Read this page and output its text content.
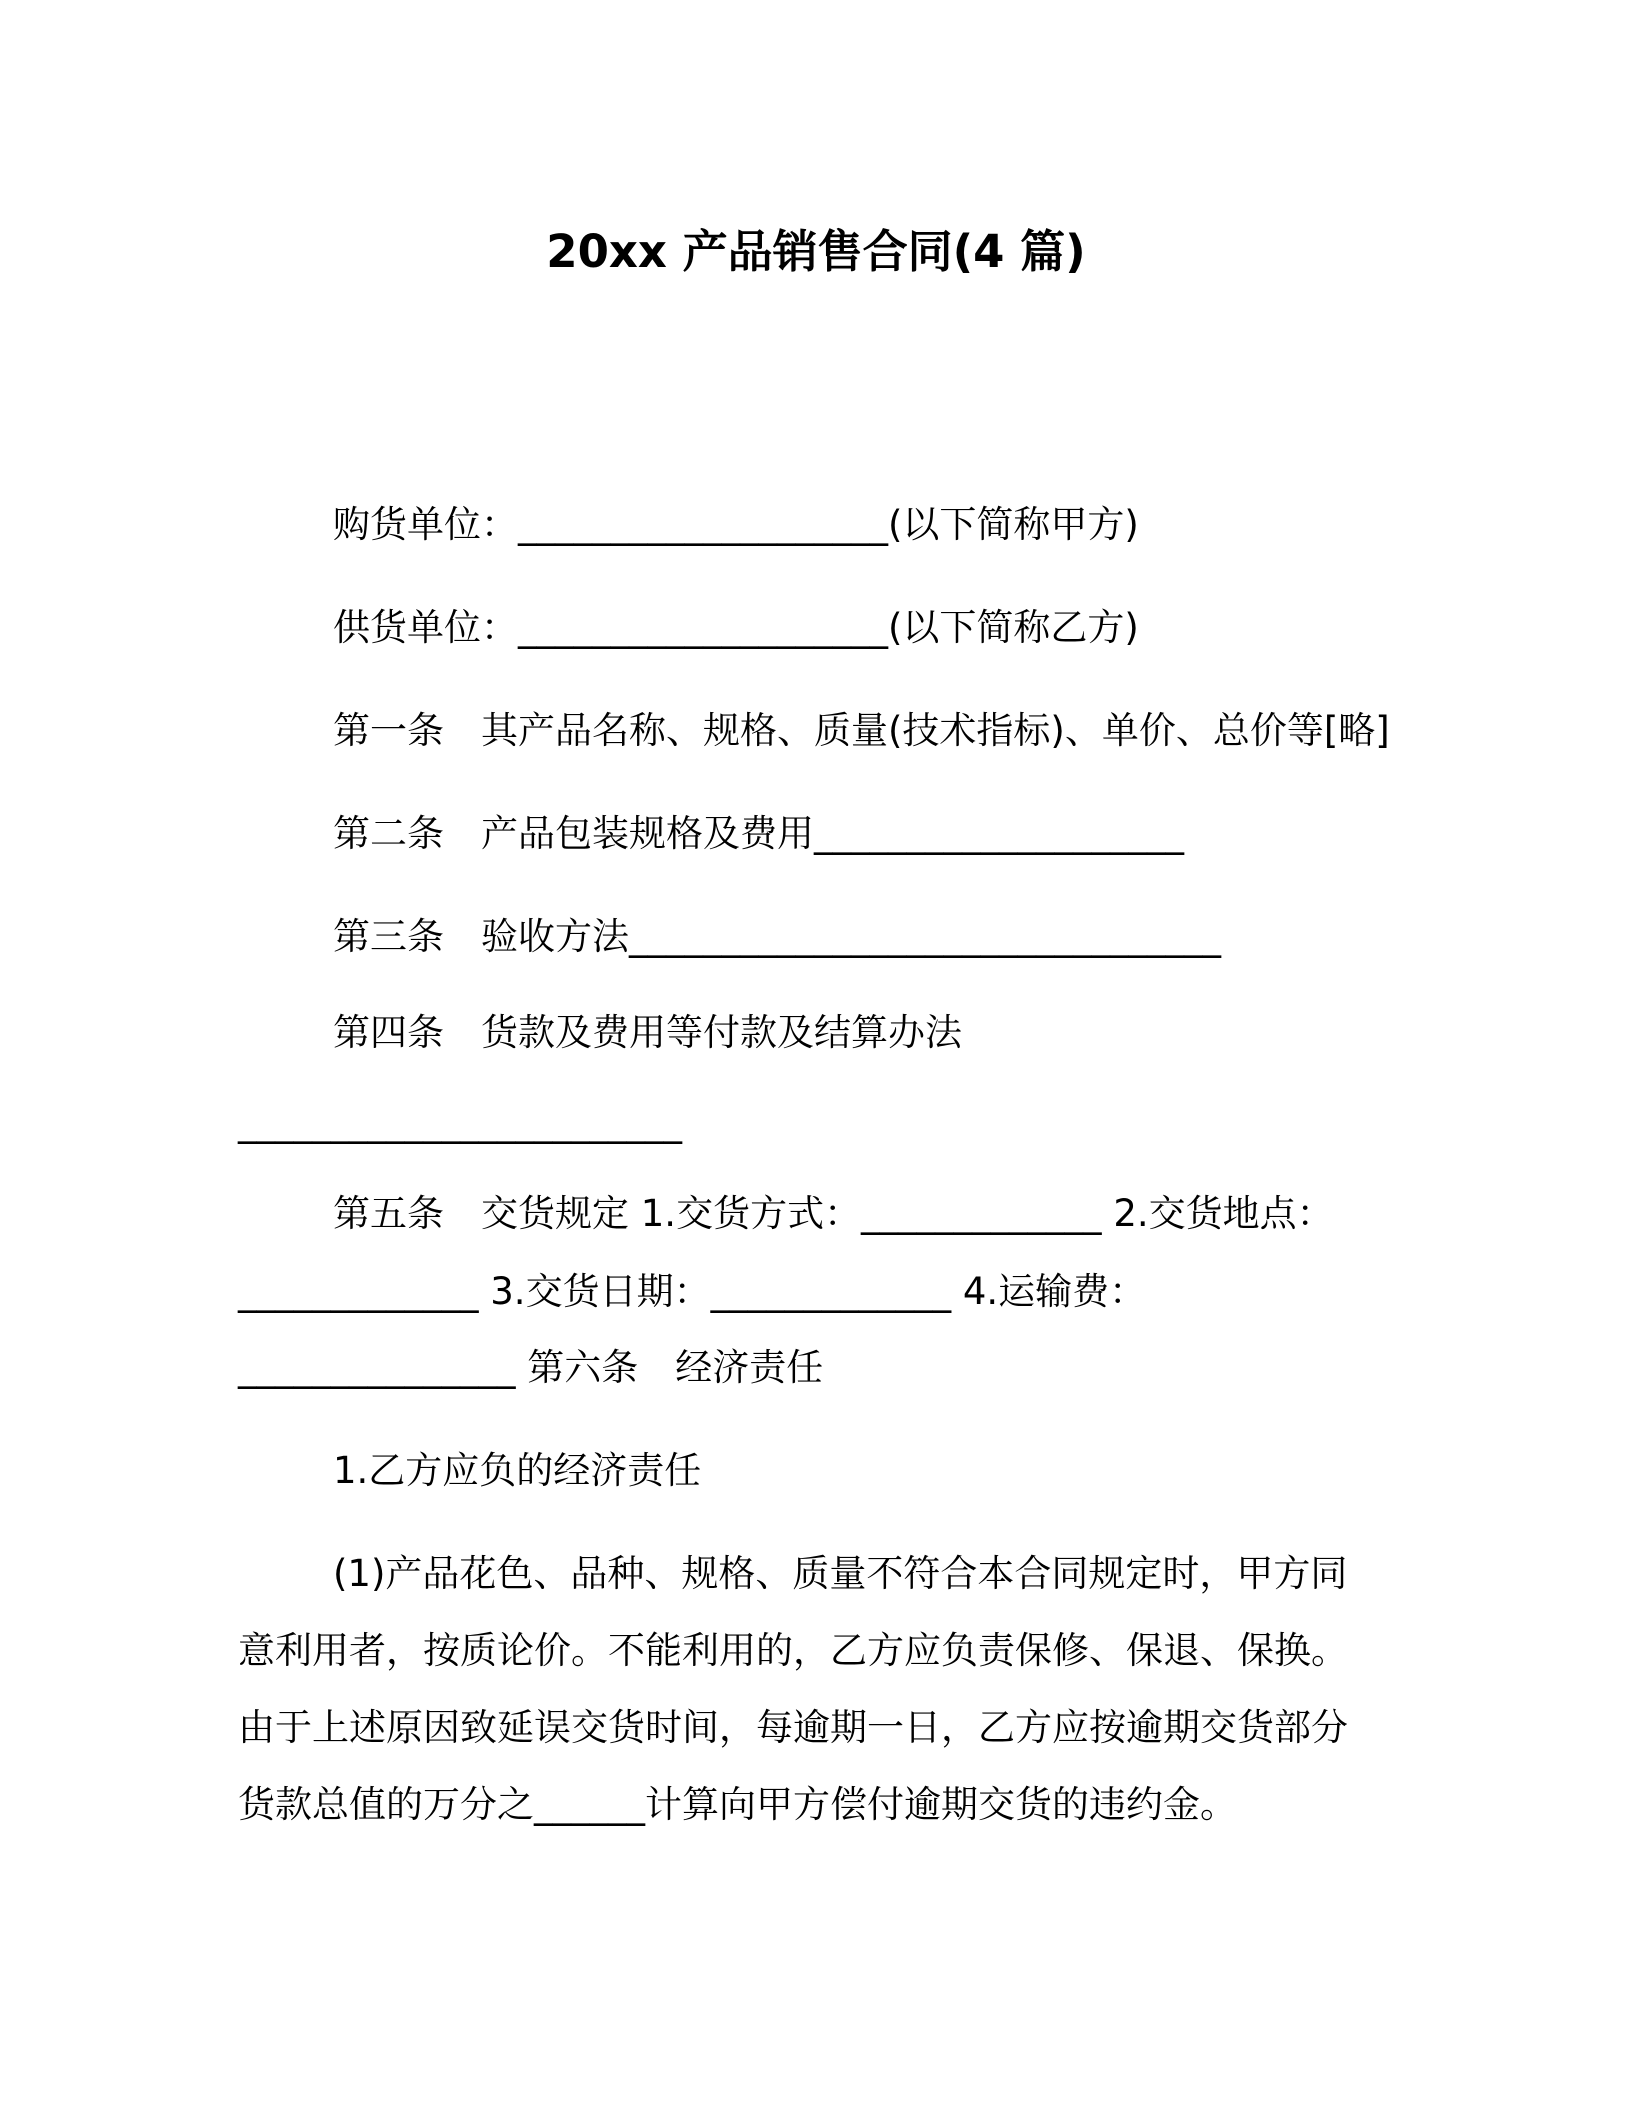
20xx 产品销售合同(4 篇)
购货单位：____________________(以下简称甲方)
供货单位：____________________(以下简称乙方)
第一条 其产品名称、规格、质量(技术指标)、单价、总价等[略]
第二条 产品包装规格及费用____________________
第三条 验收方法________________________________
第四条 货款及费用等付款及结算办法
________________________
第五条 交货规定 1.交货方式：_____________ 2.交货地点：
_____________ 3.交货日期：_____________ 4.运输费：
_______________ 第六条　经济责任
1.乙方应负的经济责任
(1)产品花色、品种、规格、质量不符合本合同规定时，甲方同
意利用者，按质论价。不能利用的，乙方应负责保修、保退、保换。
由于上述原因致延误交货时间，每逾期一日，乙方应按逾期交货部分
货款总值的万分之______计算向甲方偿付逾期交货的违约金。
